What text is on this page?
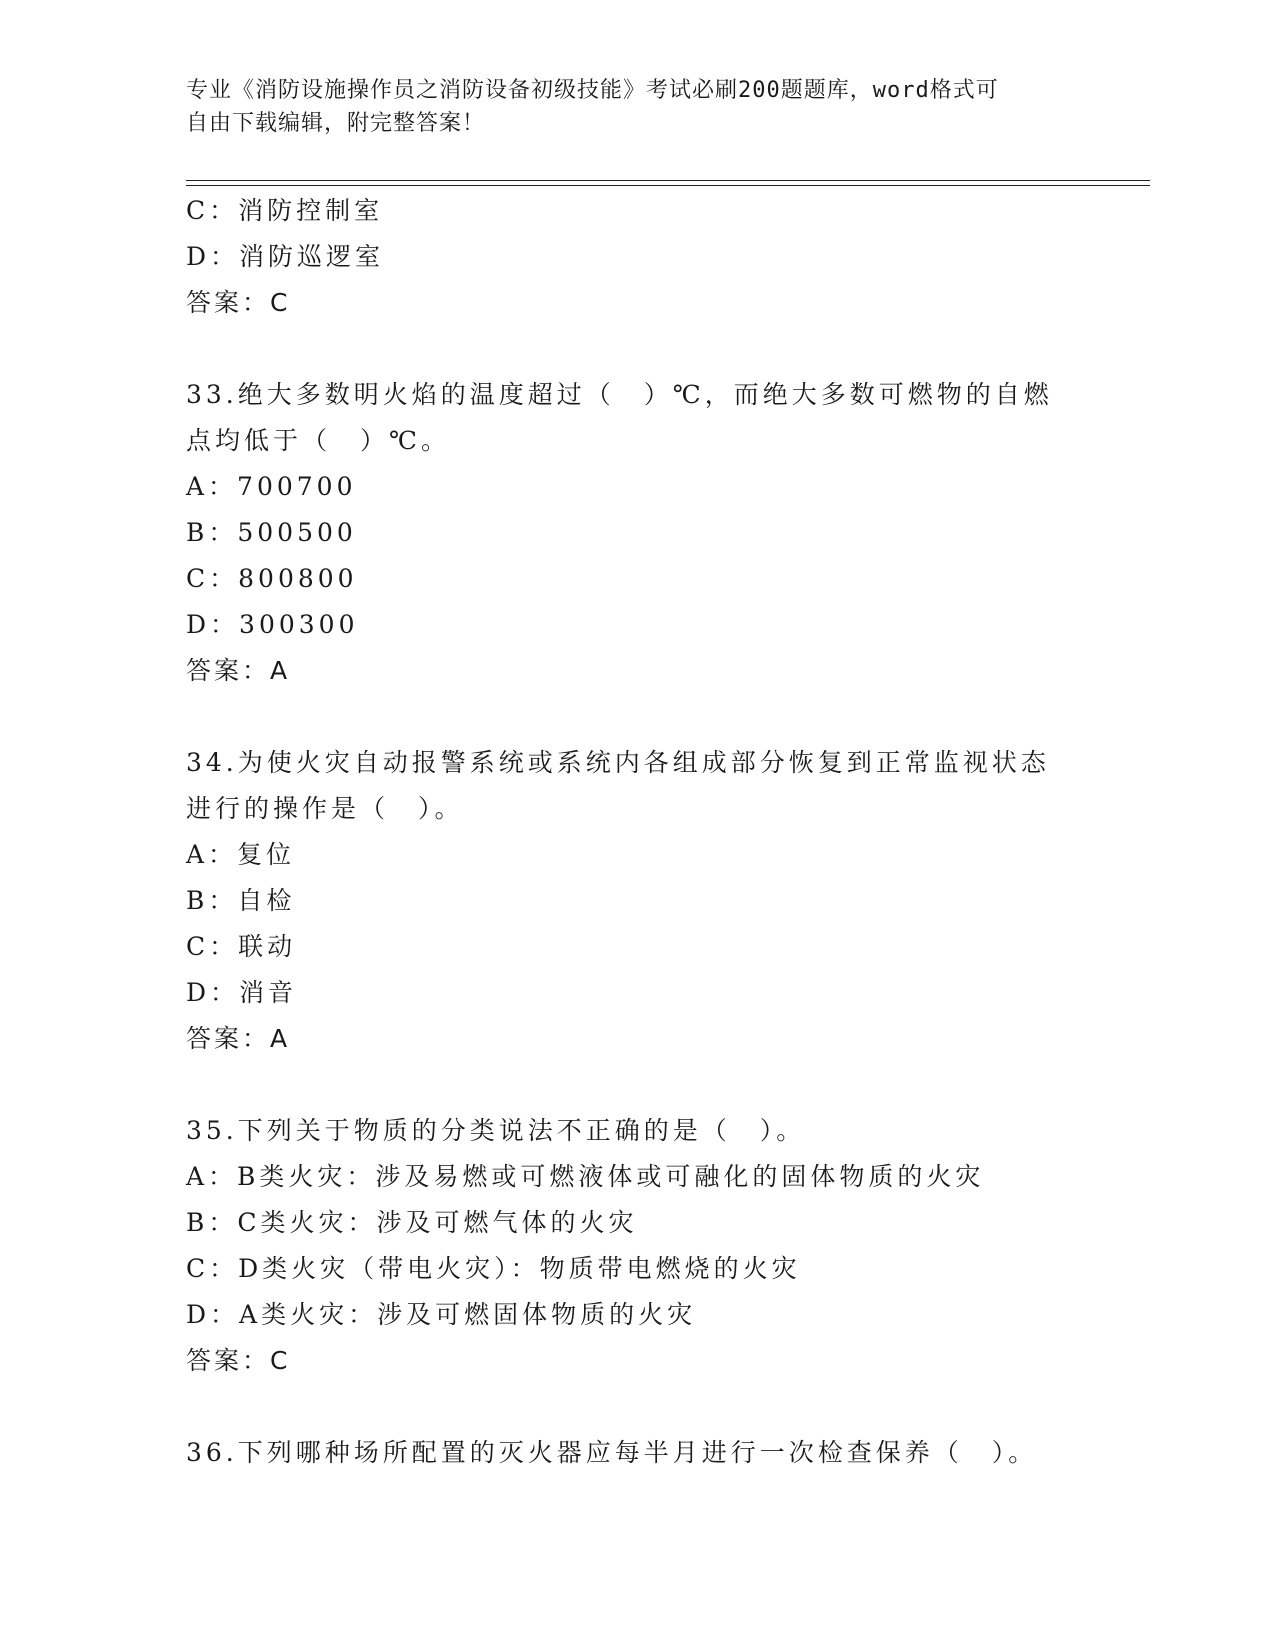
专业《消防设施操作员之消防设备初级技能》考试必刷200题题库，word格式可
自由下载编辑，附完整答案！
C：消防控制室
D：消防巡逻室
答案：C
33.绝大多数明火焰的温度超过（　）℃，而绝大多数可燃物的自燃点均低于（　）℃。
A：700700
B：500500
C：800800
D：300300
答案：A
34.为使火灾自动报警系统或系统内各组成部分恢复到正常监视状态进行的操作是（　）。
A：复位
B：自检
C：联动
D：消音
答案：A
35.下列关于物质的分类说法不正确的是（　）。
A：B类火灾：涉及易燃或可燃液体或可融化的固体物质的火灾
B：C类火灾：涉及可燃气体的火灾
C：D类火灾（带电火灾）：物质带电燃烧的火灾
D：A类火灾：涉及可燃固体物质的火灾
答案：C
36.下列哪种场所配置的灭火器应每半月进行一次检查保养（　）。
